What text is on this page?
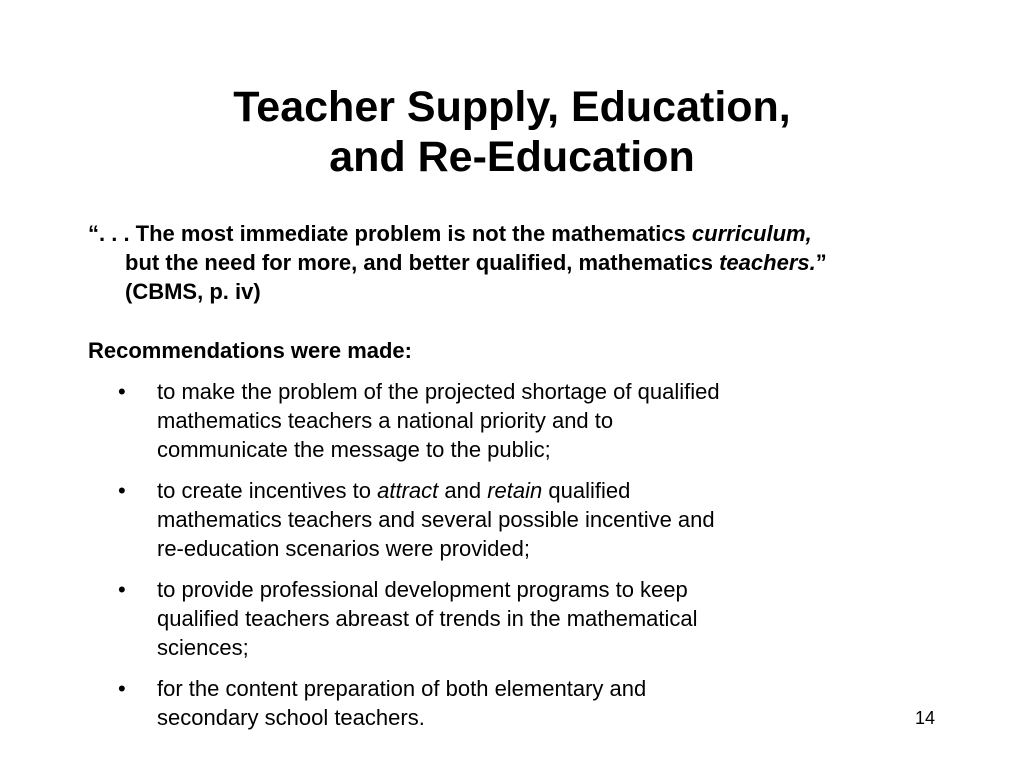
Teacher Supply, Education,
and Re-Education
“. . . The most immediate problem is not the mathematics curriculum,
but the need for more, and better qualified, mathematics teachers.”
(CBMS, p. iv)
Recommendations were made:
• to make the problem of the projected shortage of qualified
mathematics teachers a national priority and to
communicate the message to the public;
• to create incentives to attract and retain qualified
mathematics teachers and several possible incentive and
re-education scenarios were provided;
• to provide professional development programs to keep
qualified teachers abreast of trends in the mathematical
sciences;
• for the content preparation of both elementary and
secondary school teachers.	14
